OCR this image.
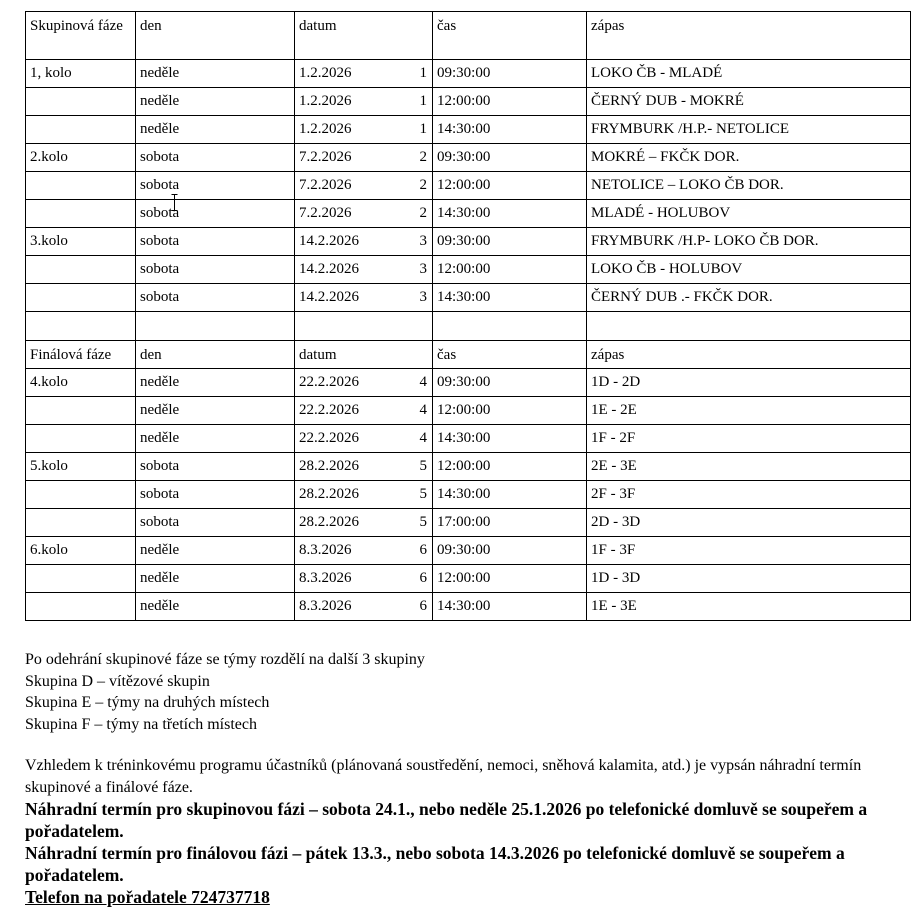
Skupinová fáze	den	datum	čas	zápas
1, kolo	neděle	1.2.2026 1	09:30:00	LOKO ČB - MLADÉ
	neděle	1.2.2026 1	12:00:00	ČERNÝ DUB - MOKRÉ
	neděle	1.2.2026 1	14:30:00	FRYMBURK /H.P.- NETOLICE
2.kolo	sobota	7.2.2026 2	09:30:00	MOKRÉ – FKČK DOR.
	sobota	7.2.2026 2	12:00:00	NETOLICE – LOKO ČB DOR.
	sobota	7.2.2026 2	14:30:00	MLADÉ - HOLUBOV
3.kolo	sobota	14.2.2026 3	09:30:00	FRYMBURK /H.P- LOKO ČB DOR.
	sobota	14.2.2026 3	12:00:00	LOKO ČB - HOLUBOV
	sobota	14.2.2026 3	14:30:00	ČERNÝ DUB .- FKČK DOR.

Finálová fáze	den	datum	čas	zápas
4.kolo	neděle	22.2.2026 4	09:30:00	1D - 2D
	neděle	22.2.2026 4	12:00:00	1E - 2E
	neděle	22.2.2026 4	14:30:00	1F - 2F
5.kolo	sobota	28.2.2026 5	12:00:00	2E - 3E
	sobota	28.2.2026 5	14:30:00	2F - 3F
	sobota	28.2.2026 5	17:00:00	2D - 3D
6.kolo	neděle	8.3.2026 6	09:30:00	1F - 3F
	neděle	8.3.2026 6	12:00:00	1D - 3D
	neděle	8.3.2026 6	14:30:00	1E - 3E

Po odehrání skupinové fáze se týmy rozdělí na další 3 skupiny

Skupina D – vítězové skupin

Skupina E – týmy na druhých místech

Skupina F – týmy na třetích místech

Vzhledem k tréninkovému programu účastníků (plánovaná soustředění, nemoci, sněhová kalamita, atd.) je vypsán náhradní termín skupinové a finálové fáze.

Náhradní termín pro skupinovou fázi – sobota 24.1., nebo neděle 25.1.2026 po telefonické domluvě se soupeřem a pořadatelem.

Náhradní termín pro finálovou fázi – pátek 13.3., nebo sobota 14.3.2026 po telefonické domluvě se soupeřem a pořadatelem.

Telefon na pořadatele 724737718
